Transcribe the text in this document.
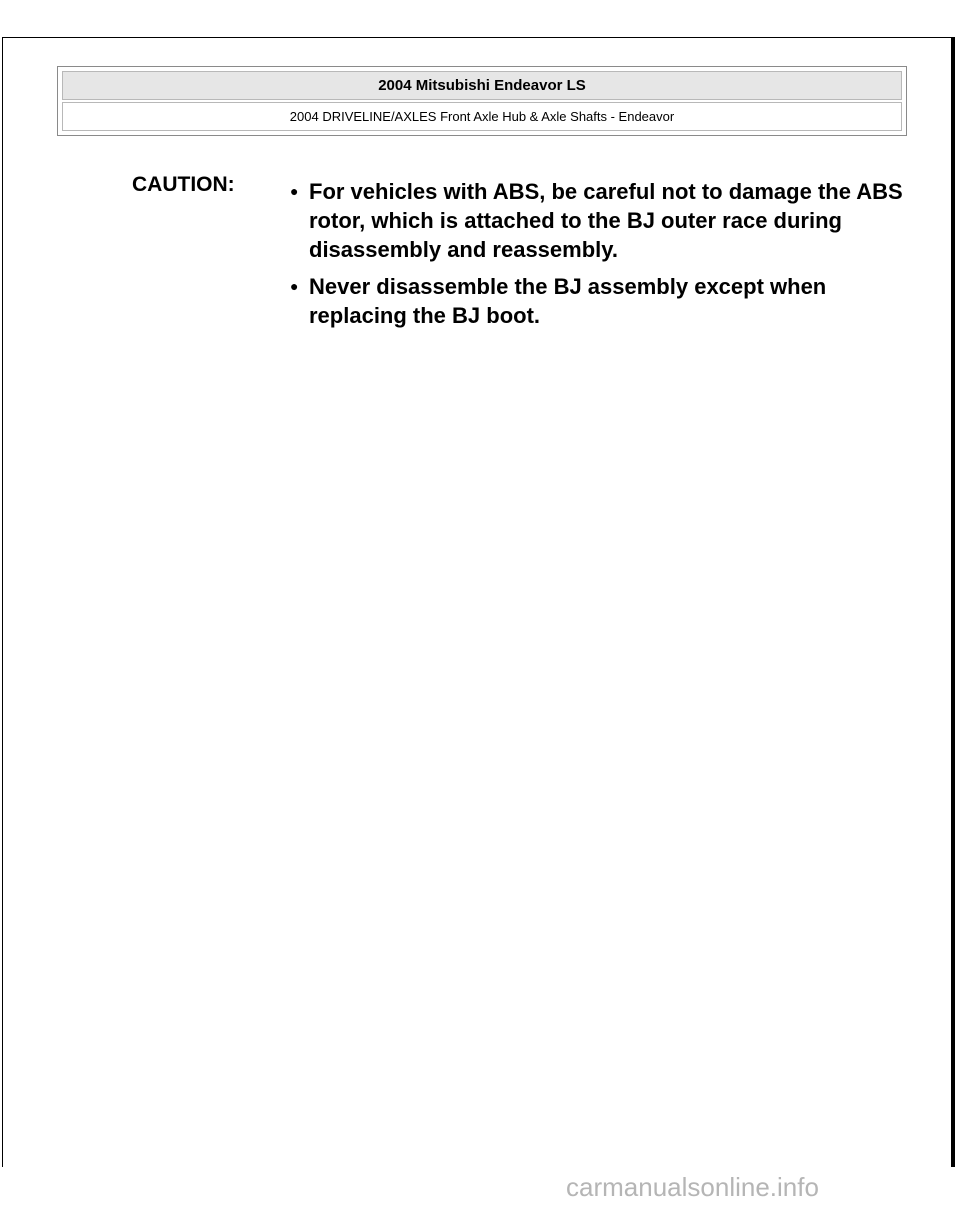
2004 Mitsubishi Endeavor LS
2004 DRIVELINE/AXLES Front Axle Hub & Axle Shafts - Endeavor
CAUTION:	● For vehicles with ABS, be careful not to damage the ABS rotor, which is attached to the BJ outer race during disassembly and reassembly.
● Never disassemble the BJ assembly except when replacing the BJ boot.
carmanualsonline.info
